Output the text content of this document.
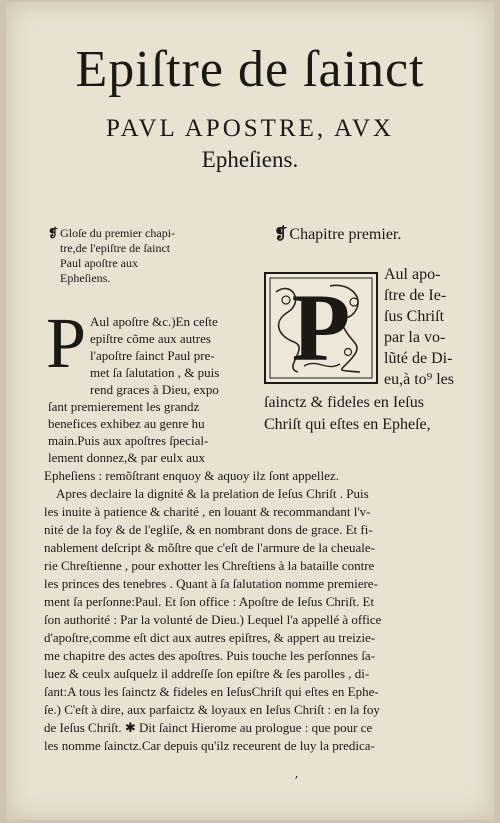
Epiſtre de ſainct
PAVL APOSTRE, AVX
Epheſiens.
❡ Gloſe du premier chapi-
tre,de l'epiſtre de ſainct
Paul apoſtre aux
Epheſiens.
❡ Chapitre premier.
P Aul apoſtre &c.)En ceſte
epiſtre cõme aux autres
l'apoſtre ſainct Paul pre-
met ſa ſalutation , & puis
rend graces à Dieu, expo
ſant premierement les grandz
benefices exhibez au genre hu
main.Puis aux apoſtres ſpecial-
lement donnez,& par eulx aux
P Aul apo-
ſtre de Ie-
ſus Chriſt
par la vo-
lũté de Di-
eu,à to⁹ les
ſainctz & fideles en Ieſus
Chriſt qui eſtes en Epheſe,
Epheſiens : remõſtrant enquoy & aquoy ilz ſont appellez.
Apres declaire la dignité & la prelation de Ieſus Chriſt . Puis
les inuite à patience & charité , en louant & recommandant l'v-
nité de la foy & de l'egliſe, & en nombrant dons de grace. Et fi-
nablement deſcript & mõſtre que c'eſt de l'armure de la cheuale-
rie Chreſtienne , pour exhotter les Chreſtiens à la bataille contre
les princes des tenebres . Quant à ſa ſalutation nomme premiere-
ment ſa perſonne:Paul. Et ſon office : Apoſtre de Ieſus Chriſt. Et
ſon authorité : Par la volunté de Dieu.) Lequel l'a appellé à office
d'apoſtre,comme eſt dict aux autres epiſtres, & appert au treizie-
me chapitre des actes des apoſtres. Puis touche les perſonnes ſa-
luez & ceulx auſquelz il addreſſe ſon epiſtre & ſes parolles , di-
ſant:A tous les ſainctz & fideles en IeſusChriſt qui eſtes en Ephe-
ſe.) C'eſt à dire, aux parfaictz & loyaux en Ieſus Chriſt : en la foy
de Ieſus Chriſt. ✱ Dit ſainct Hierome au prologue : que pour ce
les nomme ſainctz.Car depuis qu'ilz receurent de luy la predica-
ʼ
